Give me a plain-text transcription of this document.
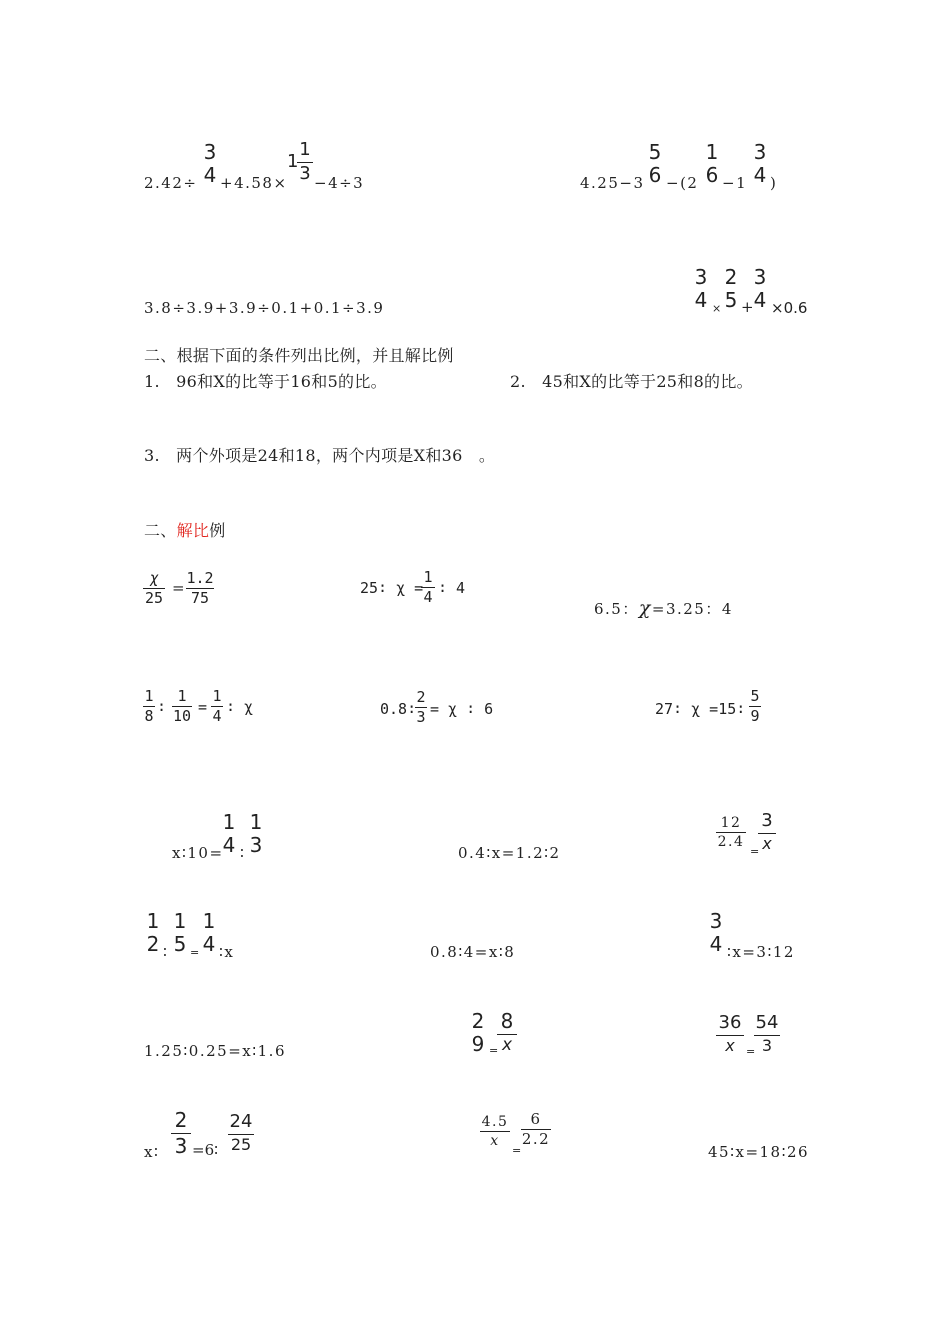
2.42÷
3
4 +4.58×
1
1
3 −4÷3	4.25−3
5
6 −(2
1
6 −1
3
4 )
3.8÷3.9+3.9÷0.1+0.1÷3.9
3
4 ×
2
5 +
3
4 ×0.6
二、根据下面的条件列出比例，并且解比例
1.　96和X的比等于16和5的比。	2.　45和X的比等于25和8的比。
3.　两个外项是24和18，两个内项是X和36　。
二、解比例
χ
25
=
1.2
75
25∶ χ =
1
4
∶ 4
6.5：χ=3.25：4
1
8
∶
1
10
=
1
4
∶ χ	0.8∶
2
3 = χ ∶ 6	27∶ χ =15∶
5
9
x∶10=
1
4 ∶
1
3	0.4∶x=1.2∶2
12
2.4
=
3
x
1
2 ∶
1
5 =
1
4 ∶x	0.8∶4=x∶8
3
4 ∶x=3∶12
1.25∶0.25=x∶1.6
2
9 =
8
x
36
x	=
54
3
x∶
2
3 =6∶
24
25
4.5
x
=
6
2.2
45∶x=18∶26
